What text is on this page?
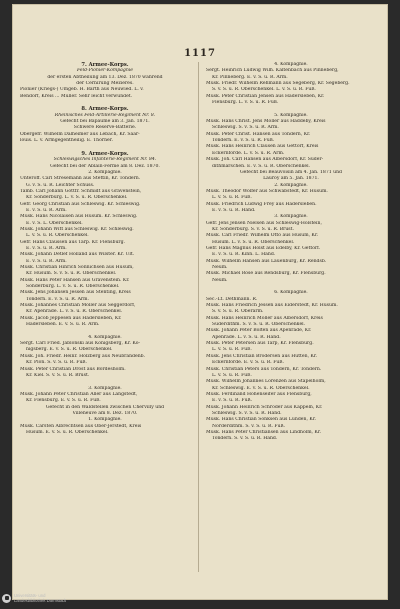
1117
7. Armee-Korps.
Feld-Pionier-Kompagnie
der ersten Abtheilung am 13. Dez. 1870 während
der Cernirung Mézières.
Pionier (Kriegs-) Umgeb. H. Barth aus Neuwied. L. v.
Bendorf, Kreis ... Müller. Sehr leicht verwundet.
8. Armee-Korps.
Rheinisches Feld-Artillerie-Regiment Nr. 8.
Gefecht bei Bapaume am 3. Jan. 1871.
Schwere Reserve-Batterie.
Obergefr. Wilhelm Dalheimer aus Lebach, Kr. Saar-
louis. L. v. Armgegentheilig. E. Thorner.
9. Armee-Korps.
Schleswigsches Infanterie-Regiment Nr. 84.
Gefecht bei der Ablain-Ferme am 8. Dez. 1870.
2. Kompagnie.
Unteroff. Carl Stresemann aus Stettin, Kr. Tondern.
G. v. S. u. R. Leichter Schuss.
Tamb. Carl Johann Gottfr. Schmidt aus Gravenstein,
Kr. Sonderburg. L. v. S. u. R. Oberschenkel.
Gefr. Georg Christian aus Schleswig. Kr. Schleswig.
E. v. S. u. R. Arm.
Musk. Hans Nicolaisen aus Husum. Kr. Schleswig.
E. v. S. L. Oberschenkel.
Musk. Johann Witt aus Schleswig. Kr. Schleswig.
L. v. S. u. R. Oberschenkel.
Gefr. Hans Claussen aus Tarp. Kr. Flensburg.
E. v. S. u. R. Arm.
Musk. Johann Detlef Holland aus Wilster. Kr. Ult.
E. v. S. u. R. Arm.
Musk. Christian Hinrich Sönnichsen aus Husum,
Kr. Husum. S. v. S. u. R. Oberschenkel.
Musk. Hans Peter Hansen aus Gravenstein. Kr.
Sonderburg. L. v. S. u. R. Oberschenkel.
Musk. Jens Johansen Jessen aus Stenting, Kreis
Tondern. E. v. S. u. R. Arm.
Musk. Johannes Christian Möller aus Seggerdorf,
Kr. Apenrade. L. v. S. u. R. Oberschenkel.
Musk. Jacob Jeppesen aus Hadersleben, Kr.
Hadersleben. E. v. S. u. R. Arm.
4. Kompagnie.
Sergt. Carl Fried. Jablonski aus Königsberg, Kr. Kö-
nigsberg. E. v. S. u. R. Oberschenkel.
Musk. Joh. Friedr. Heinr. Holzberg aus Neubrandenb.
Kr. Plön. S. v. S. u. R. Fuß.
Musk. Peter Christian Drost aus Bordesholm.
Kr. Kiel. S. v. S. u. R. Brust.
3. Kompagnie.
Musk. Johann Peter Christian Aller aus Langstedt,
Kr. Flensburg. E. v. S. u. R. Fuß.
Gefecht in den Waldstellen zwischen Chervilly und
Villeneuve am 8. Dez. 1870.
1. Kompagnie.
Musk. Carsten Albrechtsen aus Ober-Jerstedt, Kreis
Husum. E. v. S. u. R. Oberschenkel.
4. Kompagnie.
Sergt. Heinrich Ludwig Wilh. Kaltenbach aus Pinneberg,
Kr. Pinneberg. E. v. S. u. R. Arm.
Musk. Friedr. Wilhelm Rehmann aus Segeberg, Kr. Segeberg.
S. v. S. u. R. Oberschenkel. L. v. S. u. R. Fuß.
Musk. Peter Christian Jensen aus Hadersleben, Kr.
Flensburg. L. v. S. u. R. Fuß.
5. Kompagnie.
Musk. Hans Christ. Jens Möller aus Haddeby, Kreis
Schleswig. S. v. S. u. R. Arm.
Musk. Peter Christ. Hansen aus Tondern, Kr.
Tondern. E. v. S. u. R. Fuß.
Musk. Hans Heinrich Clausen aus Gettorf, Kreis
Eckernförde. L. v. S. u. R. Arm.
Musk. Joh. Carl Hansen aus Albersdorf, Kr. Süder-
dithmarschen. E. v. S. u. R. Oberschenkel.
Gefecht bei Beauvoisin am 4. Jan. 1871 und
Lauroy am 5. Jan. 1871.
2. Kompagnie.
Musk. Theodor Wölfer aus Schwabstedt, Kr. Husum.
L. v. S. u. R. Fuß.
Musk. Friedrich Ludwig Frey aus Hadersleben.
E. v. S. u. R. Hand.
3. Kompagnie.
Gefr. Jens Jensen Nielsen aus Schleswig-Holstein,
Kr. Sonderburg. S. v. S. u. R. Brust.
Musk. Carl Friedr. Wilhelm Otto aus Husum, Kr.
Husum. L. v. S. u. R. Oberschenkel.
Gefr. Hans Magnus Holst aus Edelby, Kr. Gettorf.
E. v. S. u. R. Kinn. L. Hand.
Musk. Wilhelm Hansen aus Lauenburg, Kr. Rendsb.
Neum.
Musk. Michael Rose aus Rendsburg, Kr. Flensburg.
Neum.
6. Kompagnie.
Sec.-Lt. Dethmann. R.
Musk. Hans Friedrich Jessen aus Eiderstedt, Kr. Husum.
S. v. S. u. R. Oberarm.
Musk. Hans Heinrich Möller aus Albersdorf, Kreis
Süderdithm. S. v. S. u. R. Oberschenkel.
Musk. Johann Peter Bolten aus Apenrade, Kr.
Apenrade. L. v. S. u. R. Hand.
Musk. Peter Petersen aus Tarp, Kr. Flensburg.
L. v. S. u. R. Fuß.
Musk. Jens Christian Brodersen aus Hütten, Kr.
Eckernförde. E. v. S. u. R. Fuß.
Musk. Christian Peters aus Tondern, Kr. Tondern.
L. v. S. u. R. Fuß.
Musk. Wilhelm Johannes Lorenzen aus Stapelholm,
Kr. Schleswig. E. v. S. u. R. Oberschenkel.
Musk. Ferdinand Hohenseifer aus Flensburg,
E. v. S. u. R. Fuß.
Musk. Johann Heinrich Schröder aus Kappeln, Kr.
Schleswig. S. v. S. u. R. Hand.
Musk. Hans Christian Sönksen aus Lunden, Kr.
Norderdithm. S. v. S. u. R. Fuß.
Musk. Hans Peter Christiansen aus Lindholm, Kr.
Tondern. S. v. S. u. R. Hand.
Universitäts- und
Landesbibliothek Darmstadt
